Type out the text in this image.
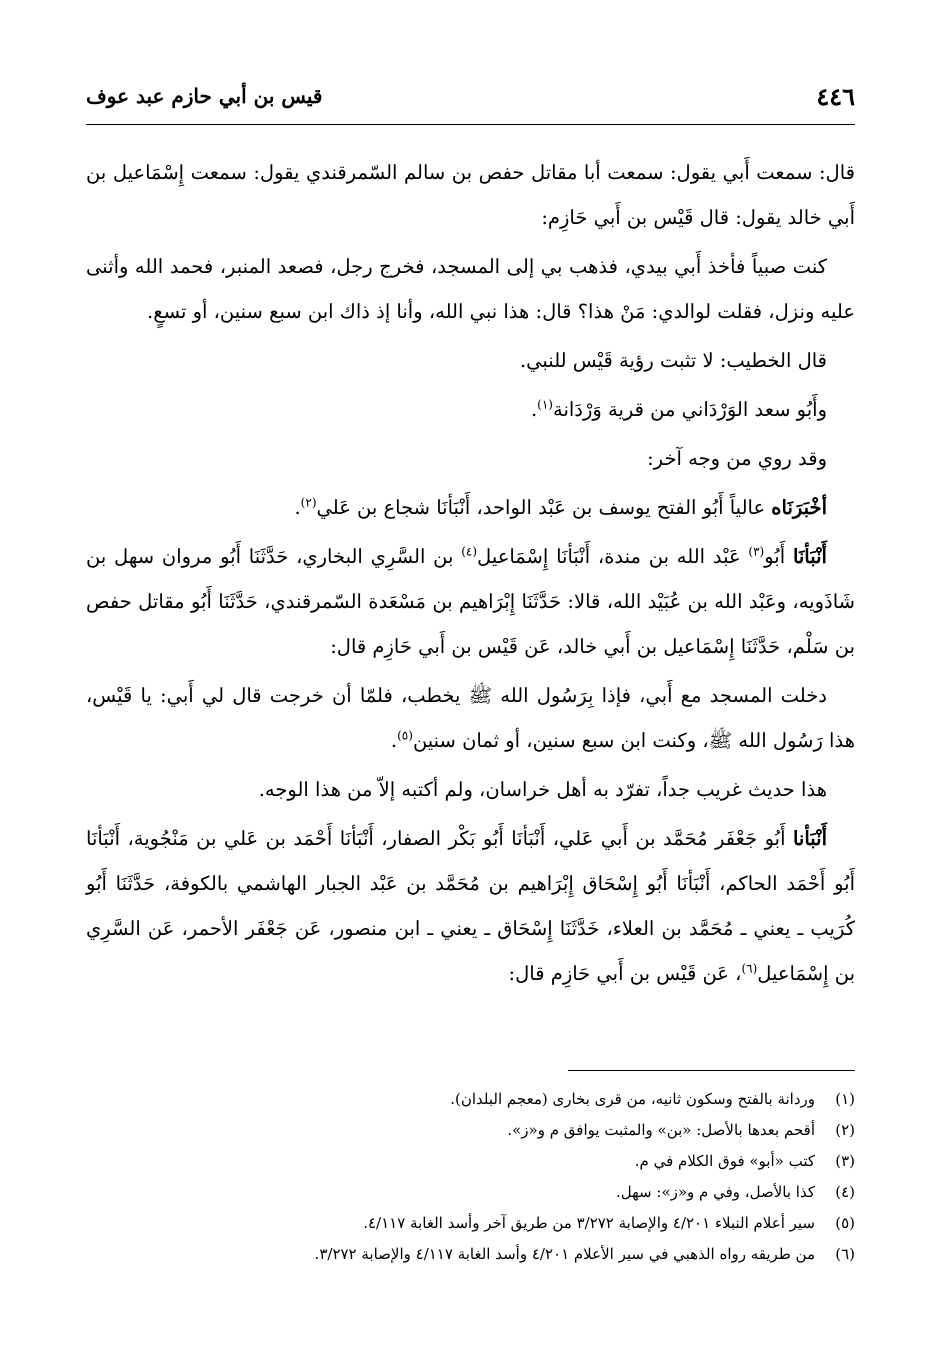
٤٤٦
قيس بن أبي حازم عبد عوف

قال: سمعت أَبي يقول: سمعت أبا مقاتل حفص بن سالم السّمرقندي يقول: سمعت إِسْمَاعيل بن أَبي خالد يقول: قال قَيْس بن أَبي حَازِم:

كنت صبياً فأخذ أَبي بيدي، فذهب بي إلى المسجد، فخرج رجل، فصعد المنبر، فحمد الله وأثنى عليه ونزل، فقلت لوالدي: مَنْ هذا؟ قال: هذا نبي الله، وأنا إذ ذاك ابن سبع سنين، أو تسعٍ.

قال الخطيب: لا تثبت رؤية قَيْس للنبي.

وأَبُو سعد الوَرْدَاني من قرية وَرْدَانة$^{(١)}$.

وقد روي من وجه آخر:

أخْبَرَنَاه عالياً أَبُو الفتح يوسف بن عَبْد الواحد، أَنْبَأنَا شجاع بن عَلي$^{(٢)}$.

أَنْبَأنَا أَبُو$^{(٣)}$ عَبْد الله بن مندة، أَنْبَأنَا إِسْمَاعيل$^{(٤)}$ بن السَّرِي البخاري، حَدَّثَنَا أَبُو مروان سهل بن شَاذَويه، وعَبْد الله بن عُبَيْد الله، قالا: حَدَّثَنَا إِبْرَاهيم بن مَسْعَدة السّمرقندي، حَدَّثَنَا أَبُو مقاتل حفص بن سَلْم، حَدَّثَنَا إِسْمَاعيل بن أَبي خالد، عَن قَيْس بن أَبي حَازِم قال:

دخلت المسجد مع أَبي، فإذا بِرَسُول الله ﷺ يخطب، فلمّا أن خرجت قال لي أَبي: يا قَيْس، هذا رَسُول الله ﷺ، وكنت ابن سبع سنين، أو ثمان سنين$^{(٥)}$.

هذا حديث غريب جداً، تفرّد به أهل خراسان، ولم أكتبه إلاّ من هذا الوجه.

أَنْبَأنا أَبُو جَعْفَر مُحَمَّد بن أَبي عَلي، أَنْبَأنَا أَبُو بَكْر الصفار، أَنْبَأنَا أَحْمَد بن عَلي بن مَنْجُوية، أَنْبَأنَا أَبُو أَحْمَد الحاكم، أَنْبَأنَا أَبُو إِسْحَاق إِبْرَاهيم بن مُحَمَّد بن عَبْد الجبار الهاشمي بالكوفة، حَدَّثَنَا أَبُو كُرَيب ـ يعني ـ مُحَمَّد بن العلاء، خَدَّثَنَا إِسْحَاق ـ يعني ـ ابن منصور، عَن جَعْفَر الأحمر، عَن السَّرِي بن إِسْمَاعيل$^{(٦)}$، عَن قَيْس بن أَبي حَازِم قال:

(١)
وردانة بالفتح وسكون ثانيه، من قرى بخارى (معجم البلدان).
(٢)
أقحم بعدها بالأصل: «بن» والمثبت يوافق م و«ز».
(٣)
كتب «أبو» فوق الكلام في م.
(٤)
كذا بالأصل، وفي م و«ز»: سهل.
(٥)
سير أعلام النبلاء ٤/٢٠١ والإصابة ٣/٢٧٢ من طريق آخر وأسد الغابة ٤/١١٧.
(٦)
من طريقه رواه الذهبي في سير الأعلام ٤/٢٠١ وأسد الغابة ٤/١١٧ والإصابة ٣/٢٧٢.
